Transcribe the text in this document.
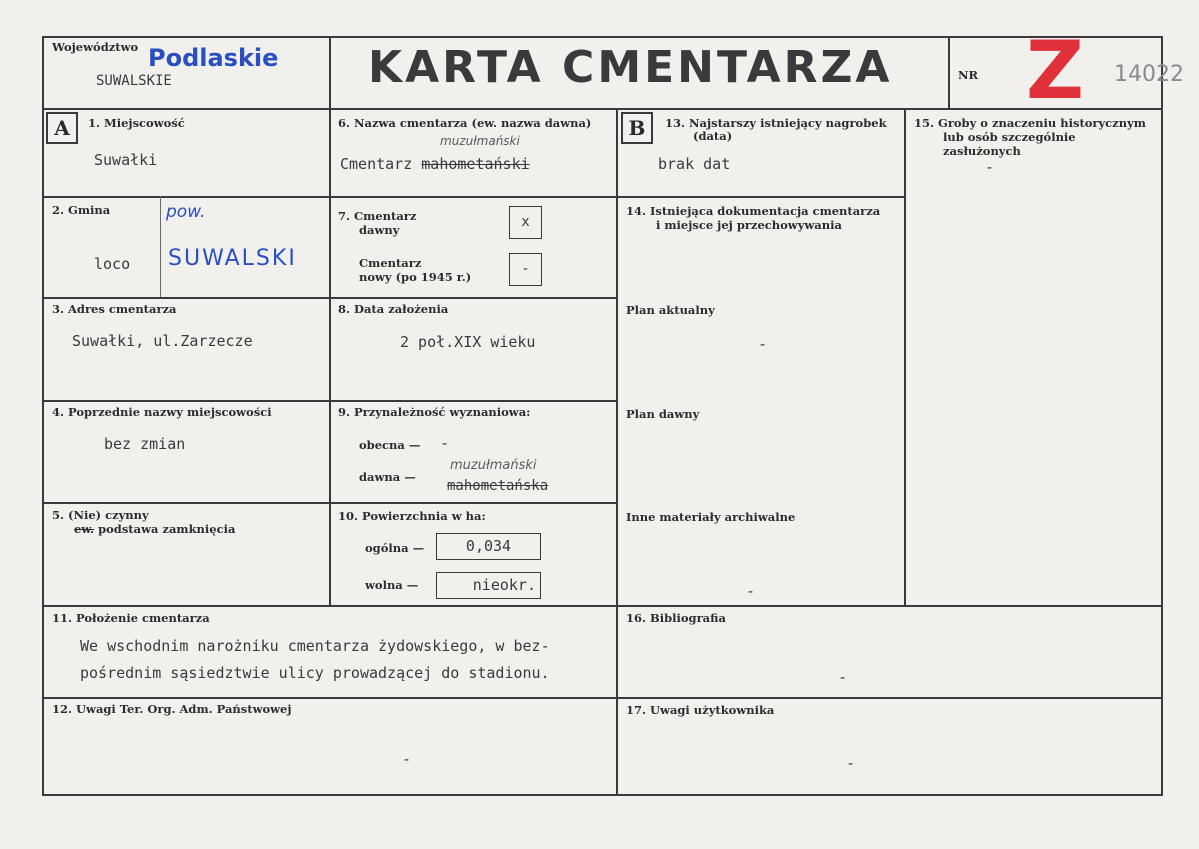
Województwo Podlaskie
SUWALSKIE	KARTA CMENTARZA	NR Z 14022
A	B
1. Miejscowość
Suwałki
2. Gmina
loco
pow.
SUWALSKI
3. Adres cmentarza
Suwałki, ul.Zarzecze
4. Poprzednie nazwy miejscowości
bez zmian
5. (Nie) czynny
ew. podstawa zamknięcia
6. Nazwa cmentarza (ew. nazwa dawna)
muzułmański
Cmentarz mahometański
7. Cmentarz
dawny	x
Cmentarz
nowy (po 1945 r.)	-
8. Data założenia
2 poł.XIX wieku
9. Przynależność wyznaniowa:
obecna — -
dawna —
muzułmański
mahometańska
10. Powierzchnia w ha:
ogólna —	0,034
wolna —	nieokr.
11. Położenie cmentarza
We wschodnim narożniku cmentarza żydowskiego, w bez-
pośrednim sąsiedztwie ulicy prowadzącej do stadionu.
12. Uwagi Ter. Org. Adm. Państwowej
-
13. Najstarszy istniejący nagrobek
(data)
brak dat
14. Istniejąca dokumentacja cmentarza
i miejsce jej przechowywania
Plan aktualny
-
Plan dawny
Inne materiały archiwalne
-
15. Groby o znaczeniu historycznym
lub osób szczególnie
zasłużonych
-
16. Bibliografia
-
17. Uwagi użytkownika
-
